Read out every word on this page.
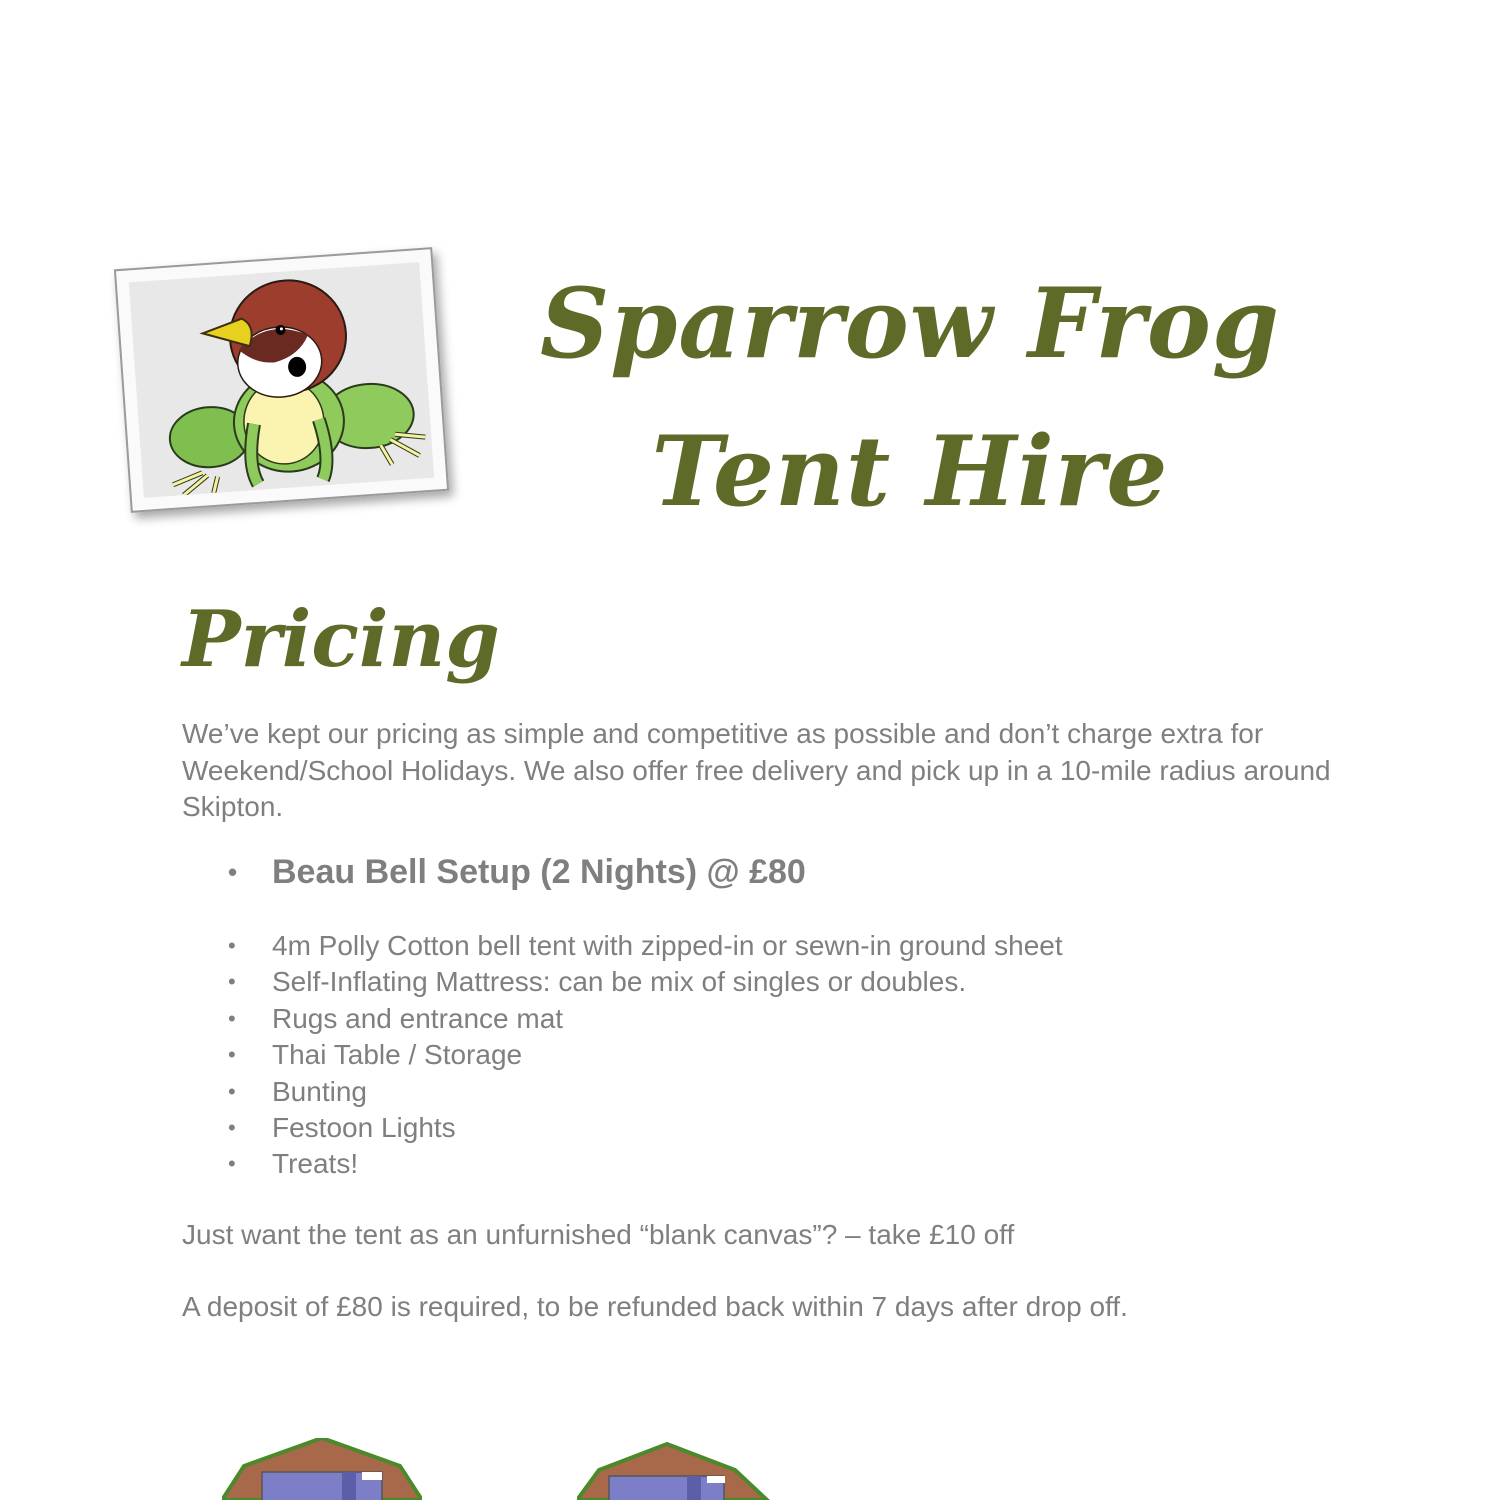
Sparrow Frog Tent Hire
Pricing
We’ve kept our pricing as simple and competitive as possible and don’t charge extra for Weekend/School Holidays. We also offer free delivery and pick up in a 10-mile radius around Skipton.
• Beau Bell Setup (2 Nights) @ £80
• 4m Polly Cotton bell tent with zipped-in or sewn-in ground sheet
• Self-Inflating Mattress: can be mix of singles or doubles.
• Rugs and entrance mat
• Thai Table / Storage
• Bunting
• Festoon Lights
• Treats!
Just want the tent as an unfurnished “blank canvas”? – take £10 off
A deposit of £80 is required, to be refunded back within 7 days after drop off.
